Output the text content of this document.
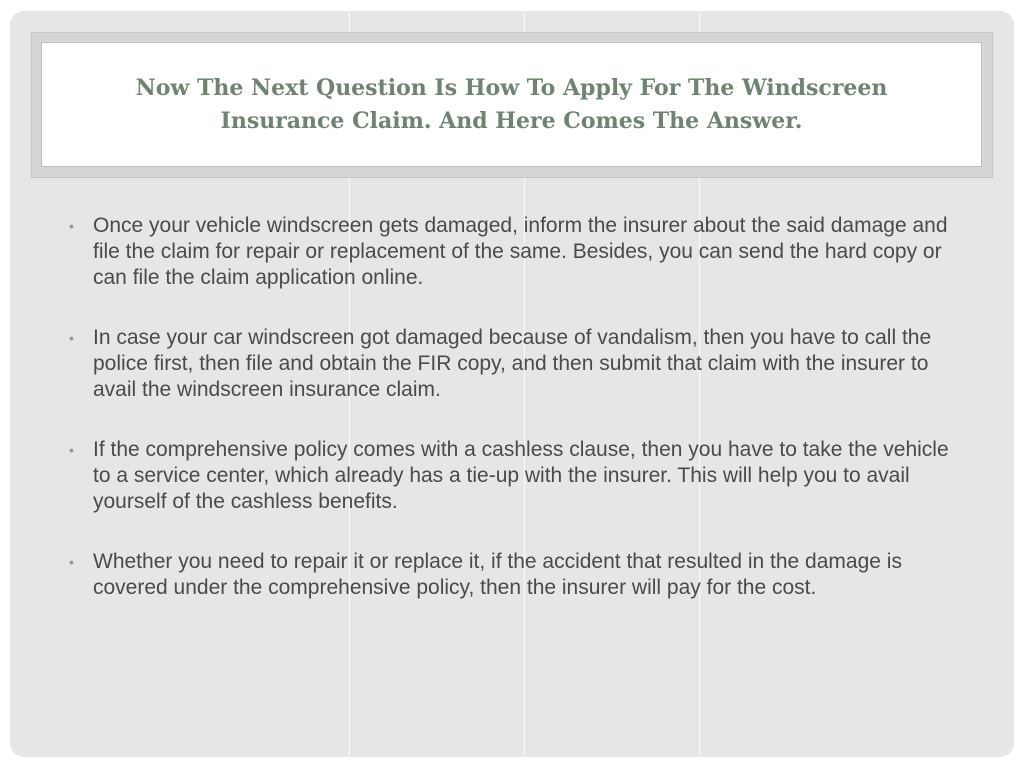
Now The Next Question Is How To Apply For The Windscreen Insurance Claim. And Here Comes The Answer.
• Once your vehicle windscreen gets damaged, inform the insurer about the said damage and file the claim for repair or replacement of the same. Besides, you can send the hard copy or can file the claim application online.
• In case your car windscreen got damaged because of vandalism, then you have to call the police first, then file and obtain the FIR copy, and then submit that claim with the insurer to avail the windscreen insurance claim.
• If the comprehensive policy comes with a cashless clause, then you have to take the vehicle to a service center, which already has a tie-up with the insurer. This will help you to avail yourself of the cashless benefits.
• Whether you need to repair it or replace it, if the accident that resulted in the damage is covered under the comprehensive policy, then the insurer will pay for the cost.
